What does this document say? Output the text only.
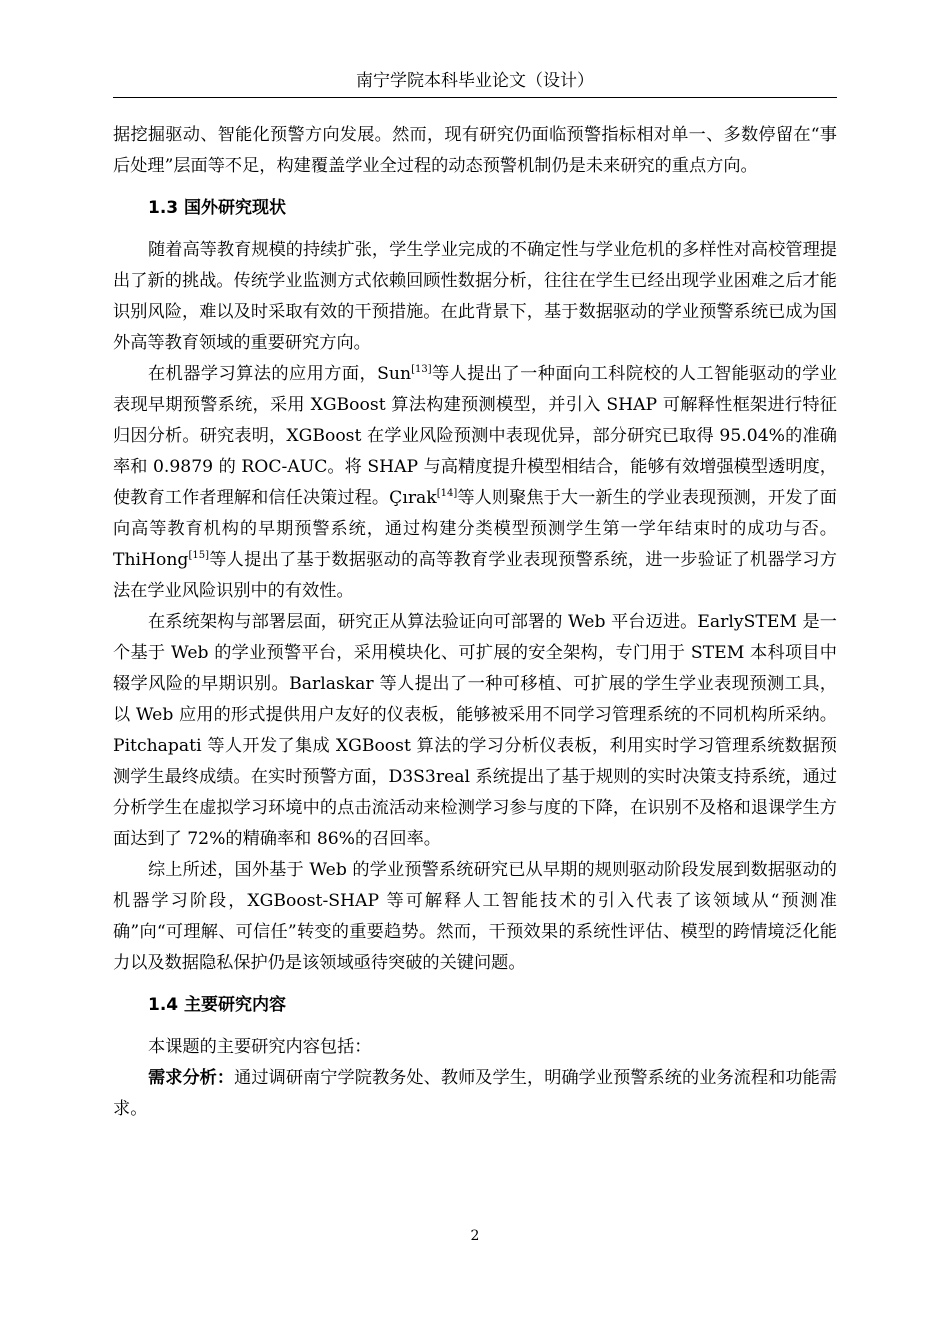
南宁学院本科毕业论文（设计）

据挖掘驱动、智能化预警方向发展。然而，现有研究仍面临预警指标相对单一、多数停留在“事后处理”层面等不足，构建覆盖学业全过程的动态预警机制仍是未来研究的重点方向。

1.3 国外研究现状

随着高等教育规模的持续扩张，学生学业完成的不确定性与学业危机的多样性对高校管理提出了新的挑战。传统学业监测方式依赖回顾性数据分析，往往在学生已经出现学业困难之后才能识别风险，难以及时采取有效的干预措施。在此背景下，基于数据驱动的学业预警系统已成为国外高等教育领域的重要研究方向。

在机器学习算法的应用方面，Sun[13]等人提出了一种面向工科院校的人工智能驱动的学业表现早期预警系统，采用 XGBoost 算法构建预测模型，并引入 SHAP 可解释性框架进行特征归因分析。研究表明，XGBoost 在学业风险预测中表现优异，部分研究已取得 95.04%的准确率和 0.9879 的 ROC-AUC。将 SHAP 与高精度提升模型相结合，能够有效增强模型透明度，使教育工作者理解和信任决策过程。Çırak[14]等人则聚焦于大一新生的学业表现预测，开发了面向高等教育机构的早期预警系统，通过构建分类模型预测学生第一学年结束时的成功与否。ThiHong[15]等人提出了基于数据驱动的高等教育学业表现预警系统，进一步验证了机器学习方法在学业风险识别中的有效性。

在系统架构与部署层面，研究正从算法验证向可部署的 Web 平台迈进。EarlySTEM 是一个基于 Web 的学业预警平台，采用模块化、可扩展的安全架构，专门用于 STEM 本科项目中辍学风险的早期识别。Barlaskar 等人提出了一种可移植、可扩展的学生学业表现预测工具，以 Web 应用的形式提供用户友好的仪表板，能够被采用不同学习管理系统的不同机构所采纳。Pitchapati 等人开发了集成 XGBoost 算法的学习分析仪表板，利用实时学习管理系统数据预测学生最终成绩。在实时预警方面，D3S3real 系统提出了基于规则的实时决策支持系统，通过分析学生在虚拟学习环境中的点击流活动来检测学习参与度的下降，在识别不及格和退课学生方面达到了 72%的精确率和 86%的召回率。

综上所述，国外基于 Web 的学业预警系统研究已从早期的规则驱动阶段发展到数据驱动的机器学习阶段，XGBoost-SHAP 等可解释人工智能技术的引入代表了该领域从“预测准确”向“可理解、可信任”转变的重要趋势。然而，干预效果的系统性评估、模型的跨情境泛化能力以及数据隐私保护仍是该领域亟待突破的关键问题。

1.4 主要研究内容

本课题的主要研究内容包括：

需求分析：通过调研南宁学院教务处、教师及学生，明确学业预警系统的业务流程和功能需求。

2
